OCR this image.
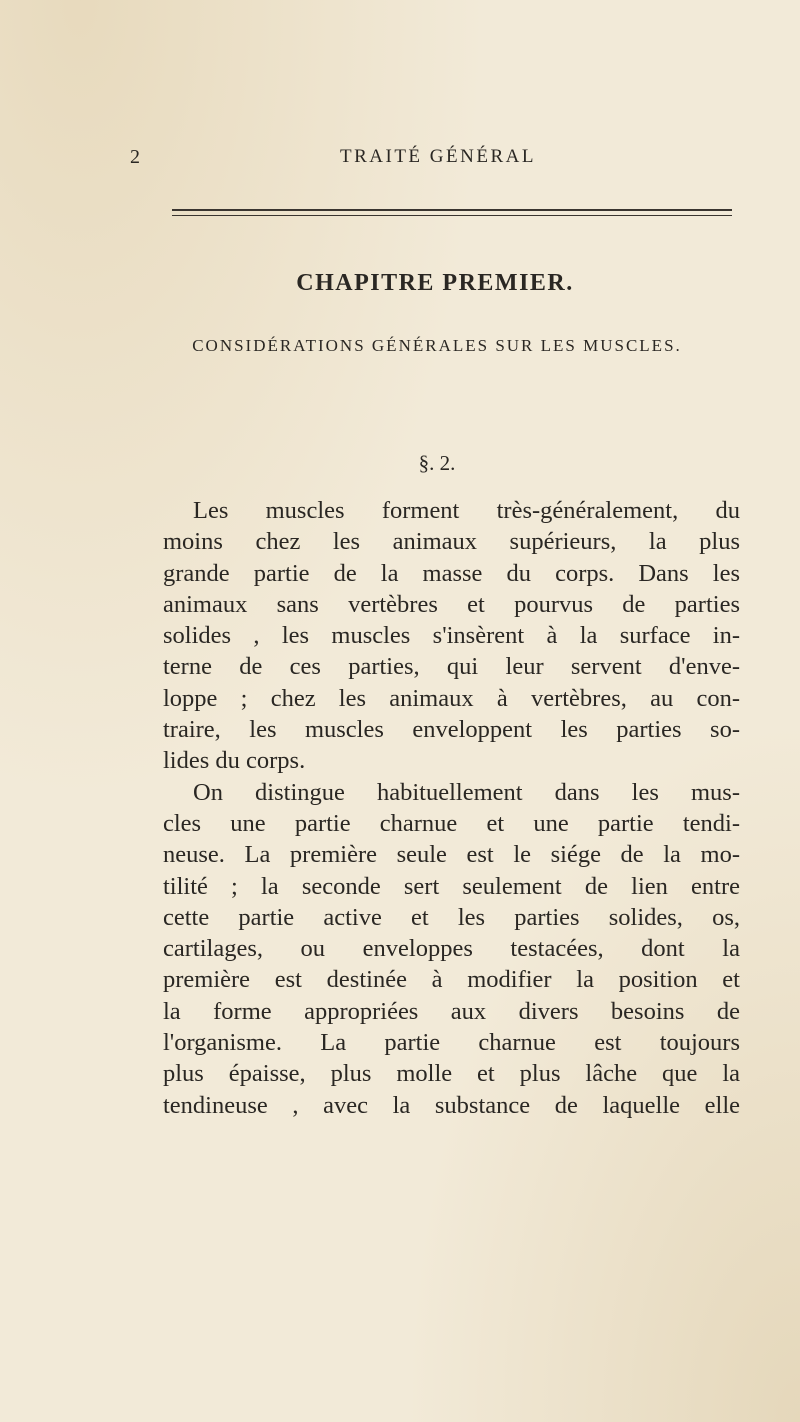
2	TRAITÉ GÉNÉRAL
CHAPITRE PREMIER.
CONSIDÉRATIONS GÉNÉRALES SUR LES MUSCLES.
§. 2.
Les muscles forment très-généralement, du
moins chez les animaux supérieurs, la plus
grande partie de la masse du corps. Dans les
animaux sans vertèbres et pourvus de parties
solides , les muscles s'insèrent à la surface in-
terne de ces parties, qui leur servent d'enve-
loppe ; chez les animaux à vertèbres, au con-
traire, les muscles enveloppent les parties so-
lides du corps.
On distingue habituellement dans les mus-
cles une partie charnue et une partie tendi-
neuse. La première seule est le siége de la mo-
tilité ; la seconde sert seulement de lien entre
cette partie active et les parties solides, os,
cartilages, ou enveloppes testacées, dont la
première est destinée à modifier la position et
la forme appropriées aux divers besoins de
l'organisme. La partie charnue est toujours
plus épaisse, plus molle et plus lâche que la
tendineuse , avec la substance de laquelle elle
